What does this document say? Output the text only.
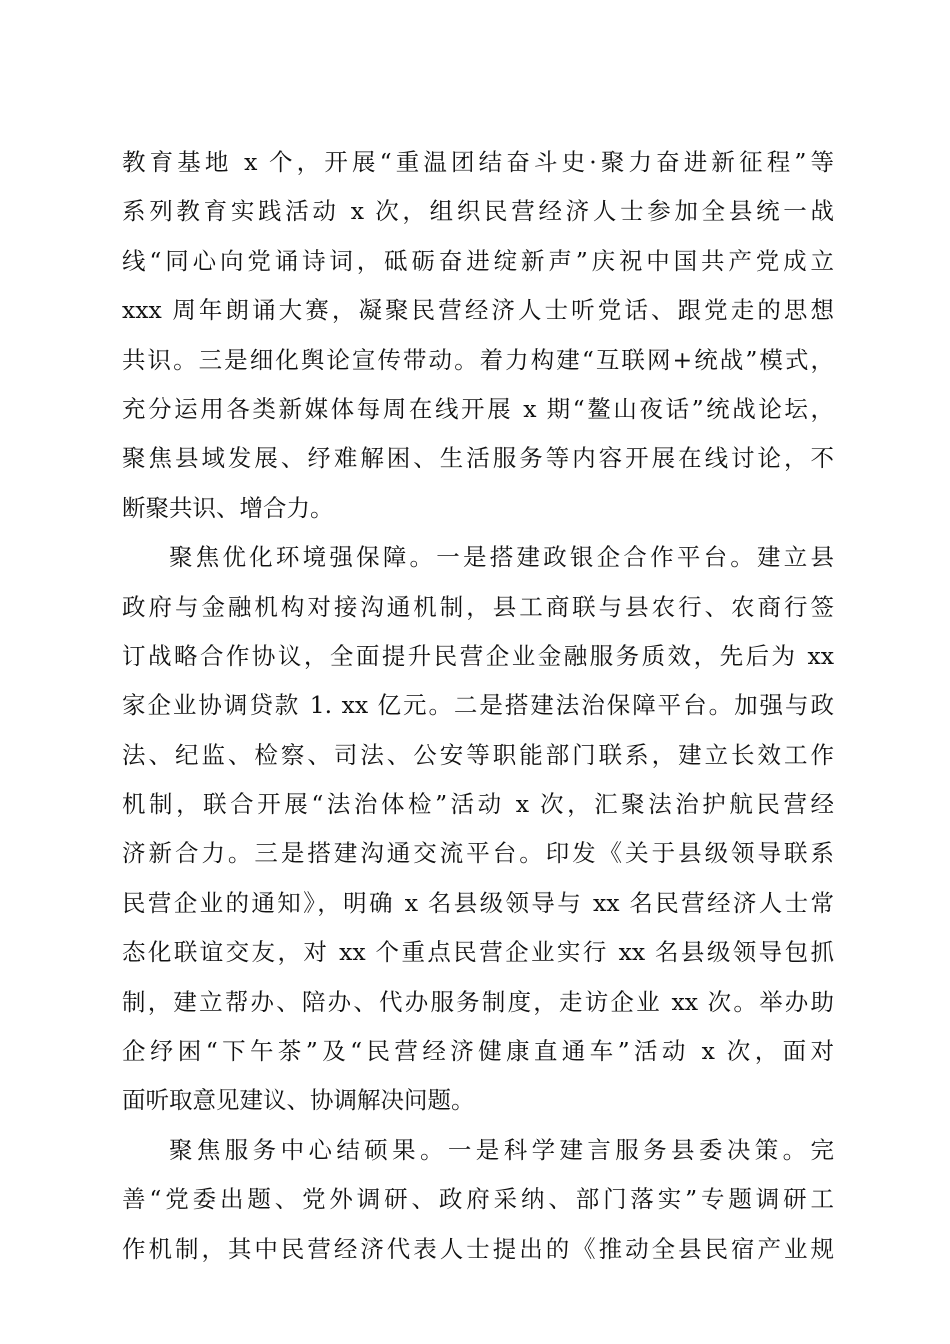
教育基地 x 个，开展“重温团结奋斗史·聚力奋进新征程”等
系列教育实践活动 x 次，组织民营经济人士参加全县统一战
线“同心向党诵诗词，砥砺奋进绽新声”庆祝中国共产党成立
xxx 周年朗诵大赛，凝聚民营经济人士听党话、跟党走的思想
共识。三是细化舆论宣传带动。着力构建“互联网+统战”模式，
充分运用各类新媒体每周在线开展 x 期“鳌山夜话”统战论坛，
聚焦县域发展、纾难解困、生活服务等内容开展在线讨论，不
断聚共识、增合力。
聚焦优化环境强保障。一是搭建政银企合作平台。建立县
政府与金融机构对接沟通机制，县工商联与县农行、农商行签
订战略合作协议，全面提升民营企业金融服务质效，先后为 xx
家企业协调贷款 1. xx 亿元。二是搭建法治保障平台。加强与政
法、纪监、检察、司法、公安等职能部门联系，建立长效工作
机制，联合开展“法治体检”活动 x 次，汇聚法治护航民营经
济新合力。三是搭建沟通交流平台。印发《关于县级领导联系
民营企业的通知》，明确 x 名县级领导与 xx 名民营经济人士常
态化联谊交友，对 xx 个重点民营企业实行 xx 名县级领导包抓
制，建立帮办、陪办、代办服务制度，走访企业 xx 次。举办助
企纾困“下午茶”及“民营经济健康直通车”活动 x 次，面对
面听取意见建议、协调解决问题。
聚焦服务中心结硕果。一是科学建言服务县委决策。完
善“党委出题、党外调研、政府采纳、部门落实”专题调研工
作机制，其中民营经济代表人士提出的《推动全县民宿产业规
